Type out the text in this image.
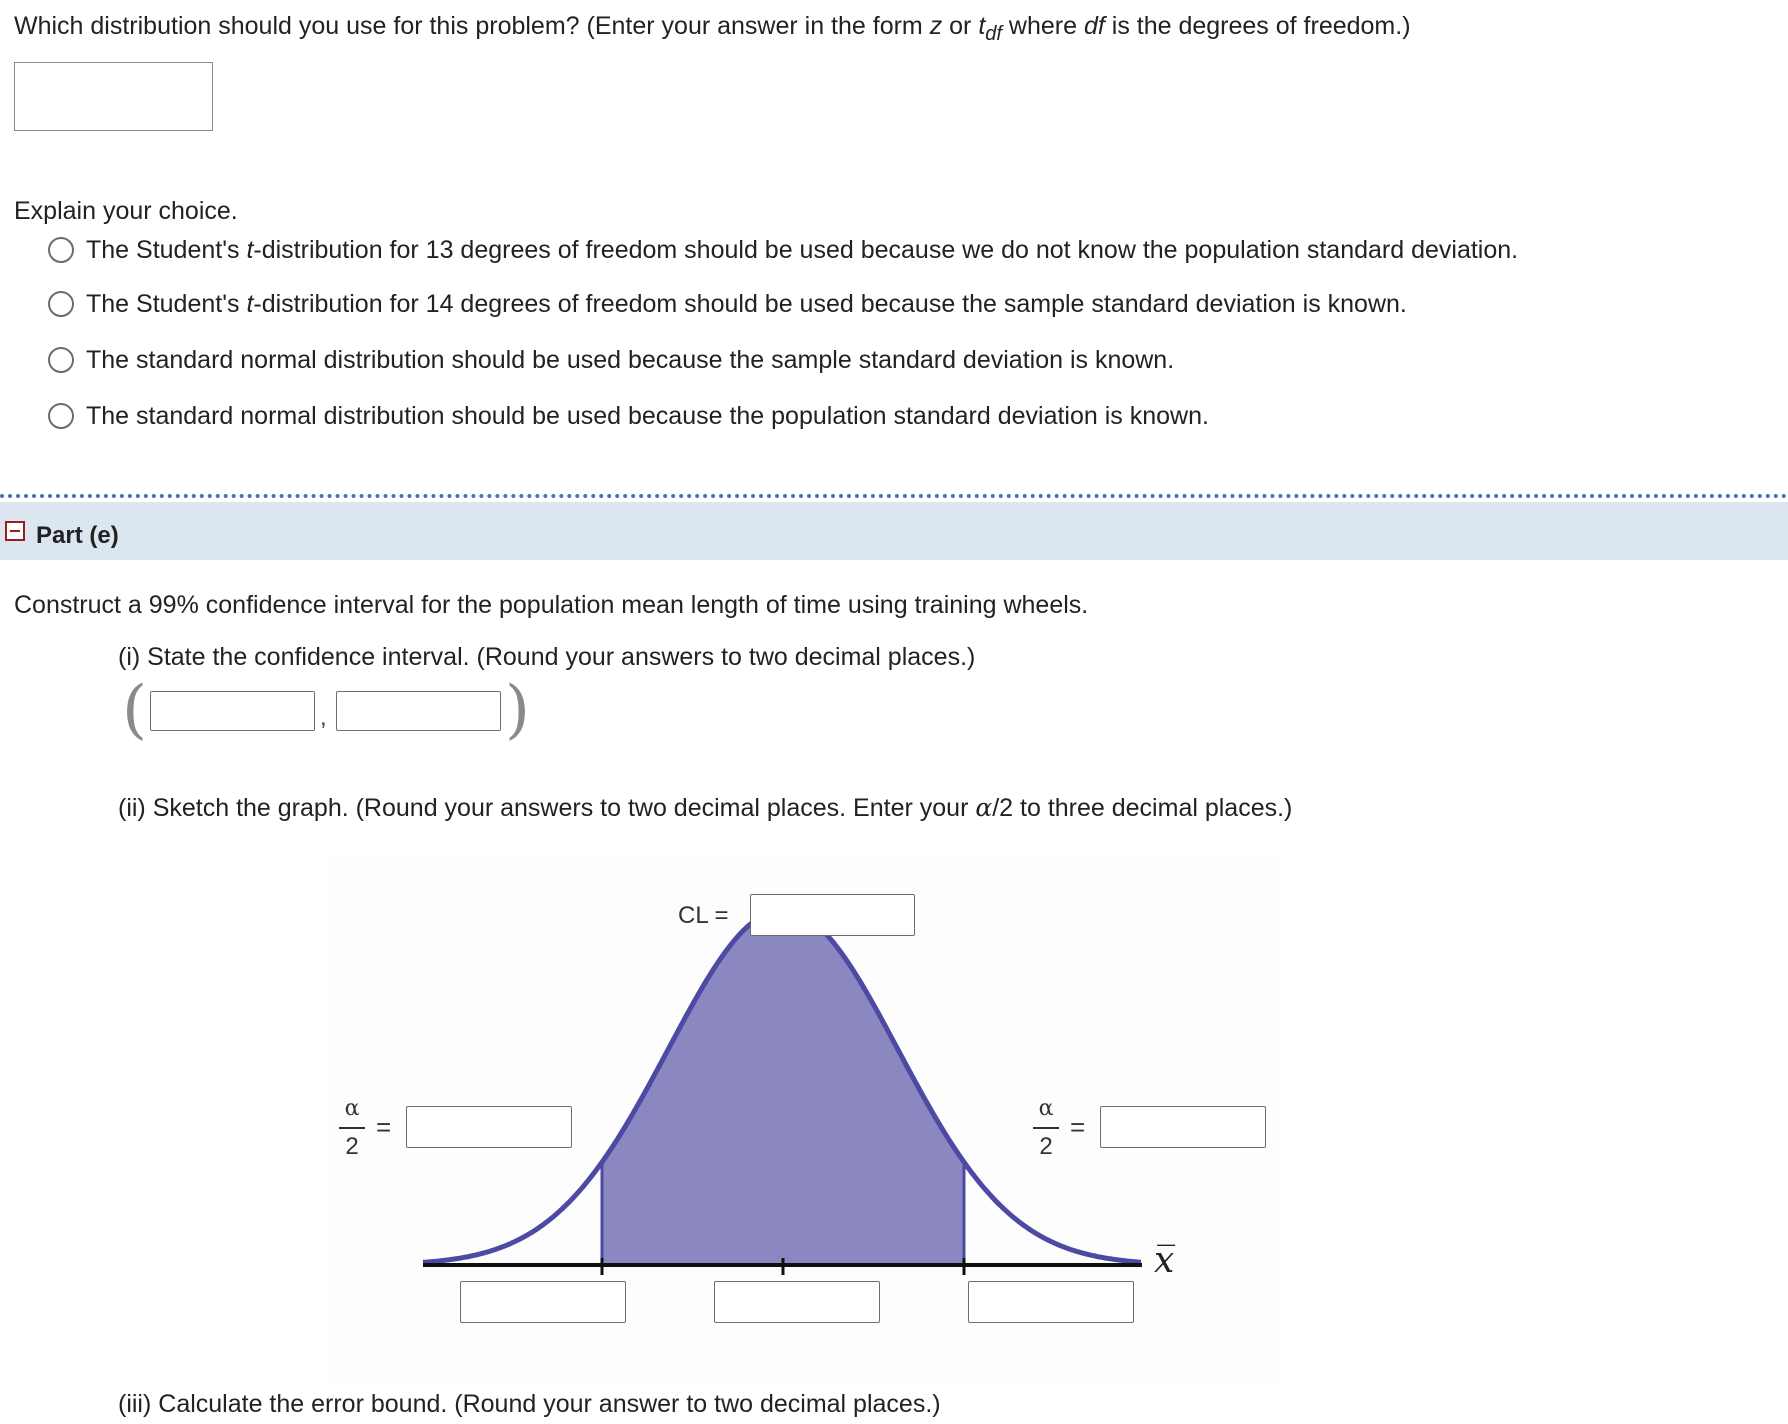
Which distribution should you use for this problem? (Enter your answer in the form z or $t_{df}$ where df is the degrees of freedom.)
Explain your choice.
The Student's t-distribution for 13 degrees of freedom should be used because we do not know the population standard deviation.
The Student's t-distribution for 14 degrees of freedom should be used because the sample standard deviation is known.
The standard normal distribution should be used because the sample standard deviation is known.
The standard normal distribution should be used because the population standard deviation is known.
Part (e)
Construct a 99% confidence interval for the population mean length of time using training wheels.
(i) State the confidence interval. (Round your answers to two decimal places.)
(	,	)
(ii) Sketch the graph. (Round your answers to two decimal places. Enter your α/2 to three decimal places.)
CL =
α
2
=
α
2
=
x̅
(iii) Calculate the error bound. (Round your answer to two decimal places.)
